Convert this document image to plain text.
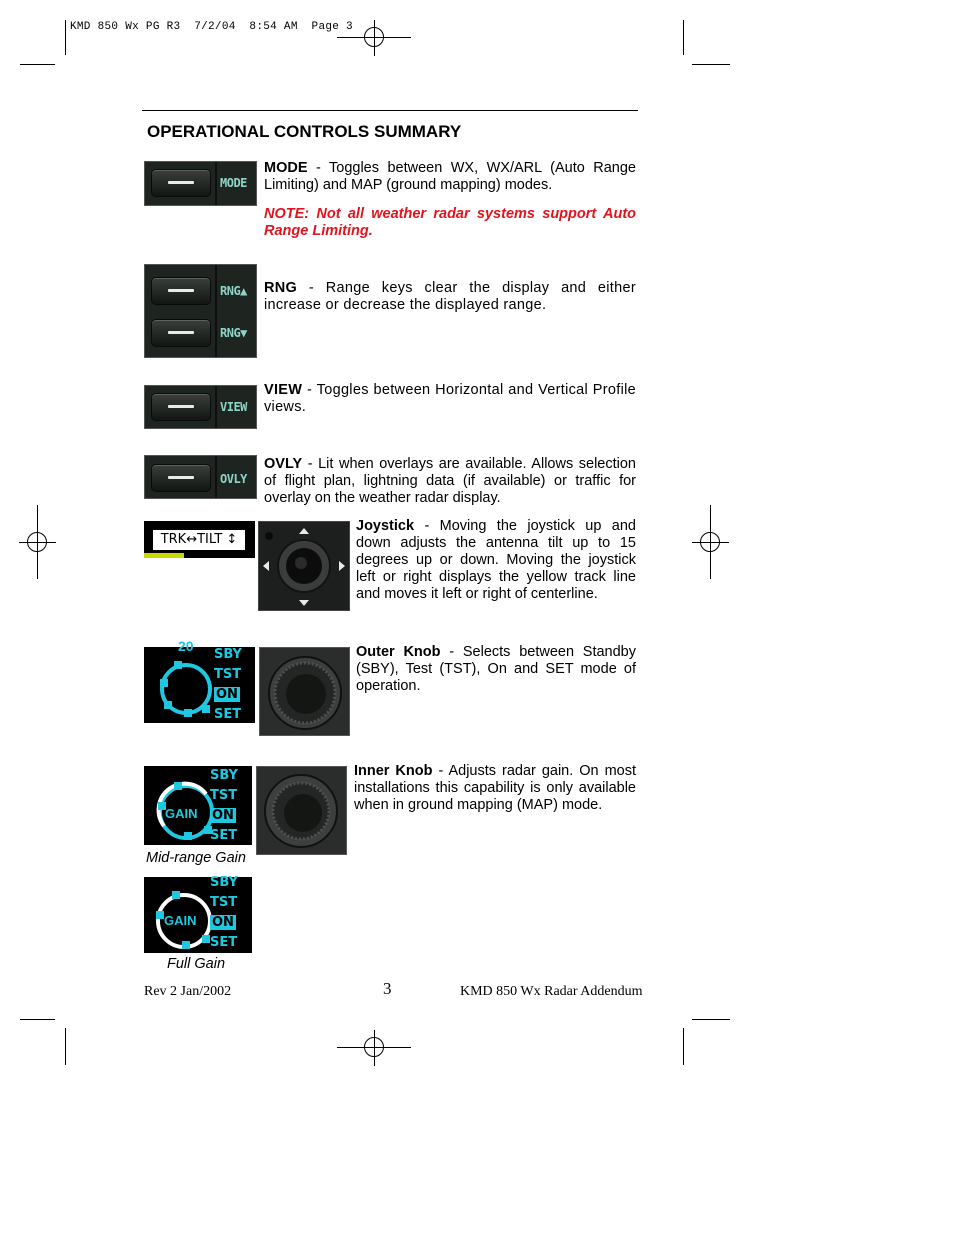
KMD 850 Wx PG R3  7/2/04  8:54 AM  Page 3
OPERATIONAL CONTROLS SUMMARY
MODE
MODE - Toggles between WX, WX/ARL (Auto Range Limiting) and MAP (ground mapping) modes.
NOTE: Not all weather radar systems support Auto Range Limiting.
RNG▲
RNG▼
RNG - Range keys clear the display and either increase or decrease the displayed range.
VIEW
VIEW - Toggles between Horizontal and Vertical Profile views.
OVLY
OVLY - Lit when overlays are available. Allows selection of flight plan, lightning data (if available) or traffic for overlay on the weather radar display.
TRK↔TILT ↕
Joystick - Moving the joystick up and down adjusts the antenna tilt up to 15 degrees up or down. Moving the joystick left or right displays the yellow track line and moves it left or right of centerline.
20
SBY
TST
ON
SET
Outer Knob - Selects between Standby (SBY), Test (TST), On and SET mode of operation.
GAIN
SBY
TST
ON
SET
Mid-range Gain
Inner Knob - Adjusts radar gain. On most installations this capability is only available when in ground mapping (MAP) mode.
GAIN
SBY
TST
ON
SET
Full Gain
Rev 2 Jan/2002	3	KMD 850 Wx Radar Addendum
